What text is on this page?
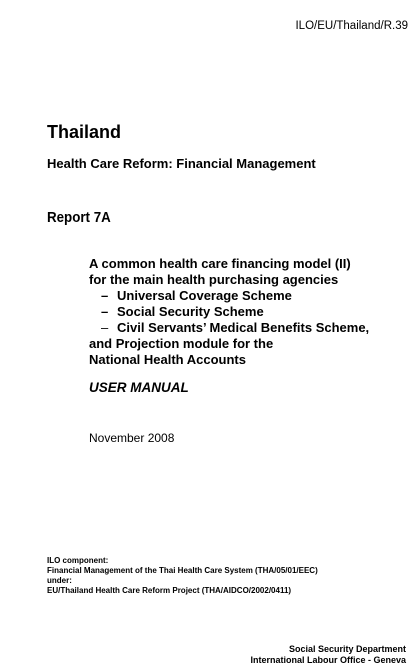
ILO/EU/Thailand/R.39
Thailand
Health Care Reform: Financial Management
Report 7A
A common health care financing model (II)
for the main health purchasing agencies
– Universal Coverage Scheme
– Social Security Scheme
– Civil Servants’ Medical Benefits Scheme,
and Projection module for the
National Health Accounts
USER MANUAL
November 2008
ILO component:
Financial Management of the Thai Health Care System (THA/05/01/EEC)
under:
EU/Thailand Health Care Reform Project (THA/AIDCO/2002/0411)
Social Security Department
International Labour Office - Geneva
